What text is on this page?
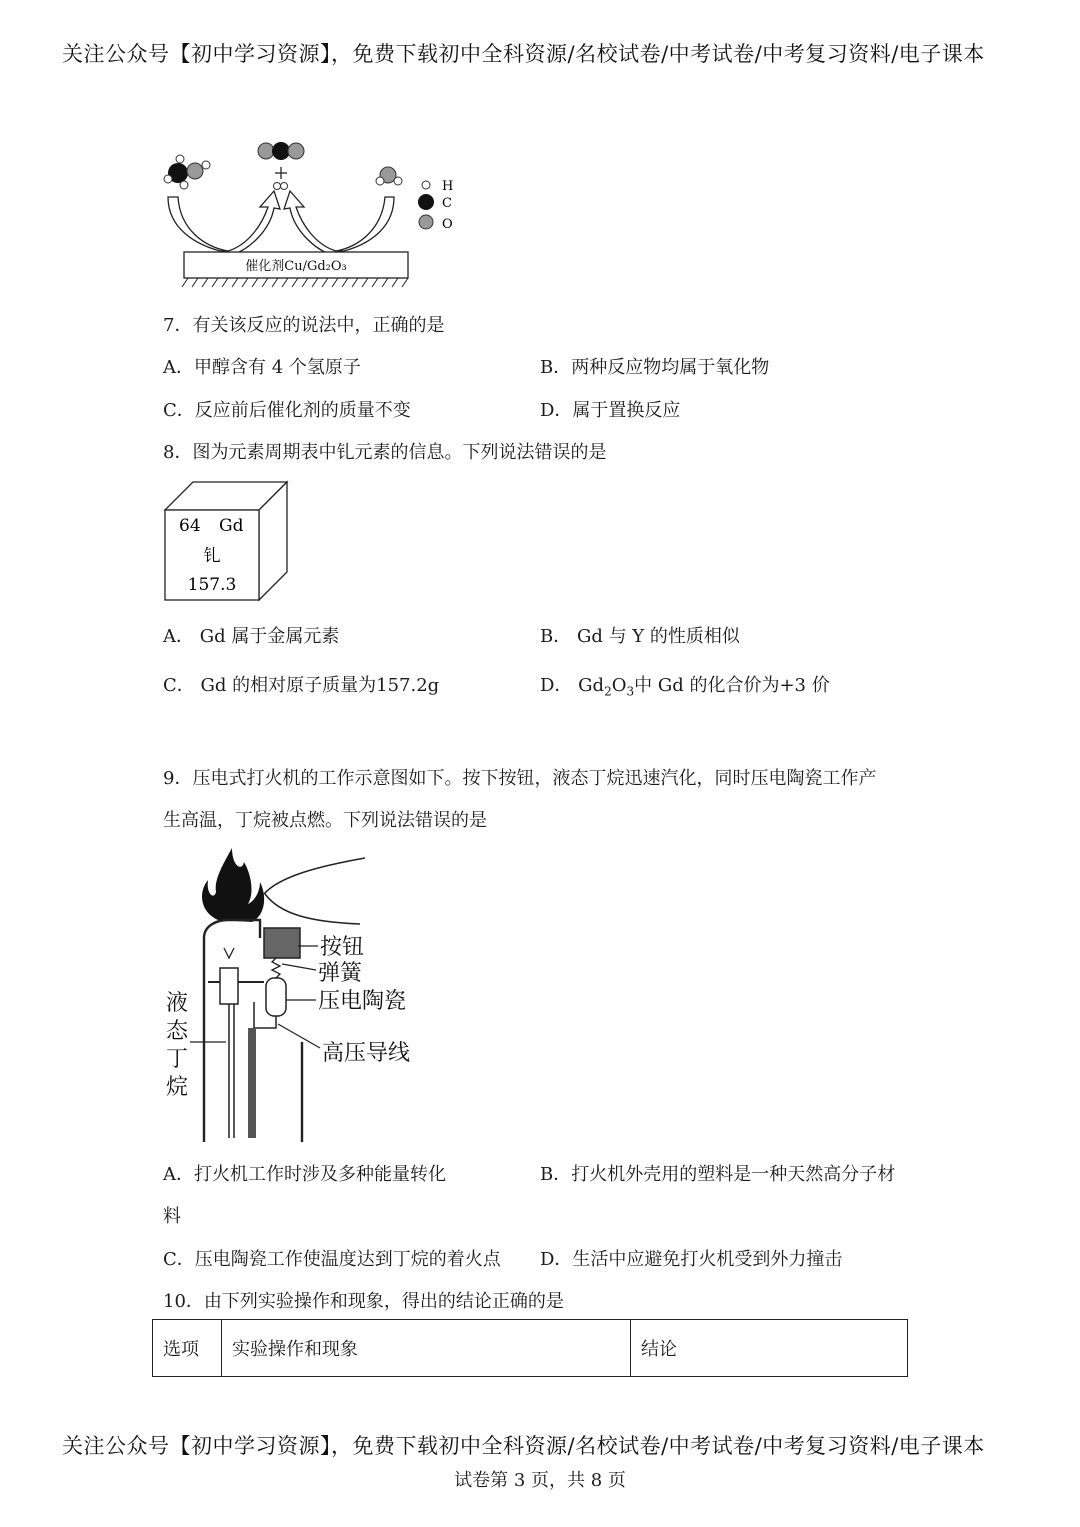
关注公众号【初中学习资源】，免费下载初中全科资源/名校试卷/中考试卷/中考复习资料/电子课本
催化剂Cu/Gd₂O₃
H
C
O
7．有关该反应的说法中，正确的是
A．甲醇含有 4 个氢原子	B．两种反应物均属于氧化物
C．反应前后催化剂的质量不变	D．属于置换反应
8．图为元素周期表中钆元素的信息。下列说法错误的是
64 Gd
钆
157.3
A． Gd 属于金属元素	B． Gd 与 Y 的性质相似
C． Gd 的相对原子质量为157.2g	D． $Gd_2O_3$中 Gd 的化合价为+3 价
9．压电式打火机的工作示意图如下。按下按钮，液态丁烷迅速汽化，同时压电陶瓷工作产
生高温，丁烷被点燃。下列说法错误的是
按钮
弹簧
压电陶瓷
高压导线
液
态
丁
烷
A．打火机工作时涉及多种能量转化	B．打火机外壳用的塑料是一种天然高分子材
料
C．压电陶瓷工作使温度达到丁烷的着火点 D．生活中应避免打火机受到外力撞击
10．由下列实验操作和现象，得出的结论正确的是
选项	实验操作和现象	结论
关注公众号【初中学习资源】，免费下载初中全科资源/名校试卷/中考试卷/中考复习资料/电子课本
试卷第 3 页，共 8 页
